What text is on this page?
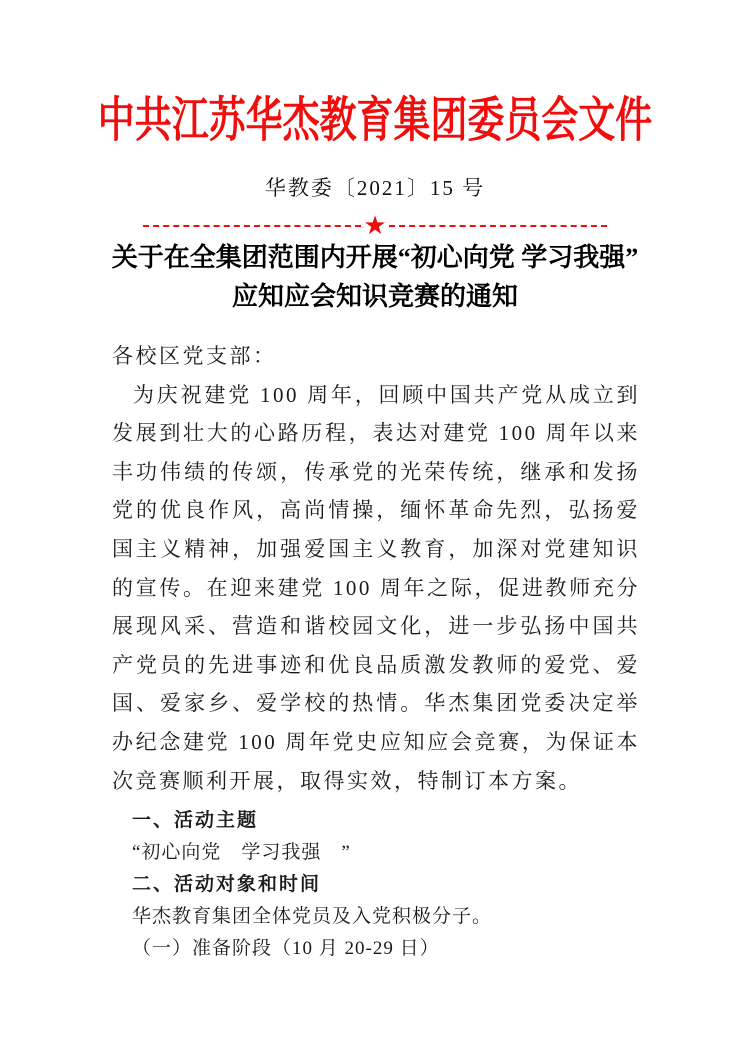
中共江苏华杰教育集团委员会文件
华教委〔2021〕15 号
★
关于在全集团范围内开展“初心向党 学习我强”
应知应会知识竞赛的通知
各校区党支部：
为庆祝建党 100 周年，回顾中国共产党从成立到发展到壮大的心路历程，表达对建党 100 周年以来丰功伟绩的传颂，传承党的光荣传统，继承和发扬党的优良作风，高尚情操，缅怀革命先烈，弘扬爱国主义精神，加强爱国主义教育，加深对党建知识的宣传。在迎来建党 100 周年之际，促进教师充分展现风采、营造和谐校园文化，进一步弘扬中国共产党员的先进事迹和优良品质激发教师的爱党、爱国、爱家乡、爱学校的热情。华杰集团党委决定举办纪念建党 100 周年党史应知应会竞赛，为保证本次竞赛顺利开展，取得实效，特制订本方案。
一、活动主题
“初心向党　学习我强　”
二、活动对象和时间
华杰教育集团全体党员及入党积极分子。
（一）准备阶段（10 月 20-29 日）
